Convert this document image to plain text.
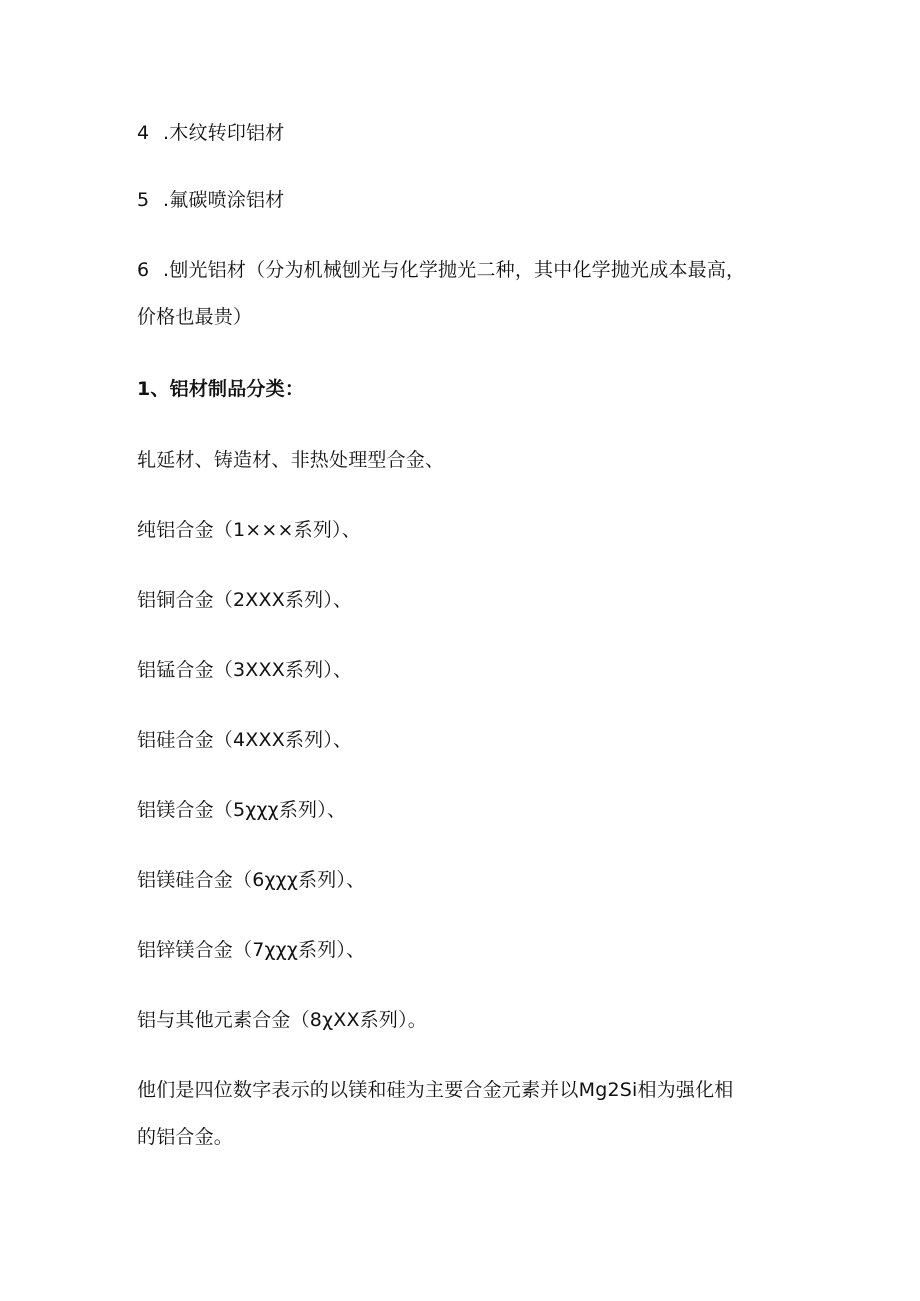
4 .木纹转印铝材
5 .氟碳喷涂铝材
6 .刨光铝材（分为机械刨光与化学抛光二种，其中化学抛光成本最高，
价格也最贵）
1、铝材制品分类：
轧延材、铸造材、非热处理型合金、
纯铝合金（1×××系列）、
铝铜合金（2XXX系列）、
铝锰合金（3XXX系列）、
铝硅合金（4XXX系列）、
铝镁合金（5χχχ系列）、
铝镁硅合金（6χχχ系列）、
铝锌镁合金（7χχχ系列）、
铝与其他元素合金（8χXX系列）。
他们是四位数字表示的以镁和硅为主要合金元素并以Mg2Si相为强化相
的铝合金。
